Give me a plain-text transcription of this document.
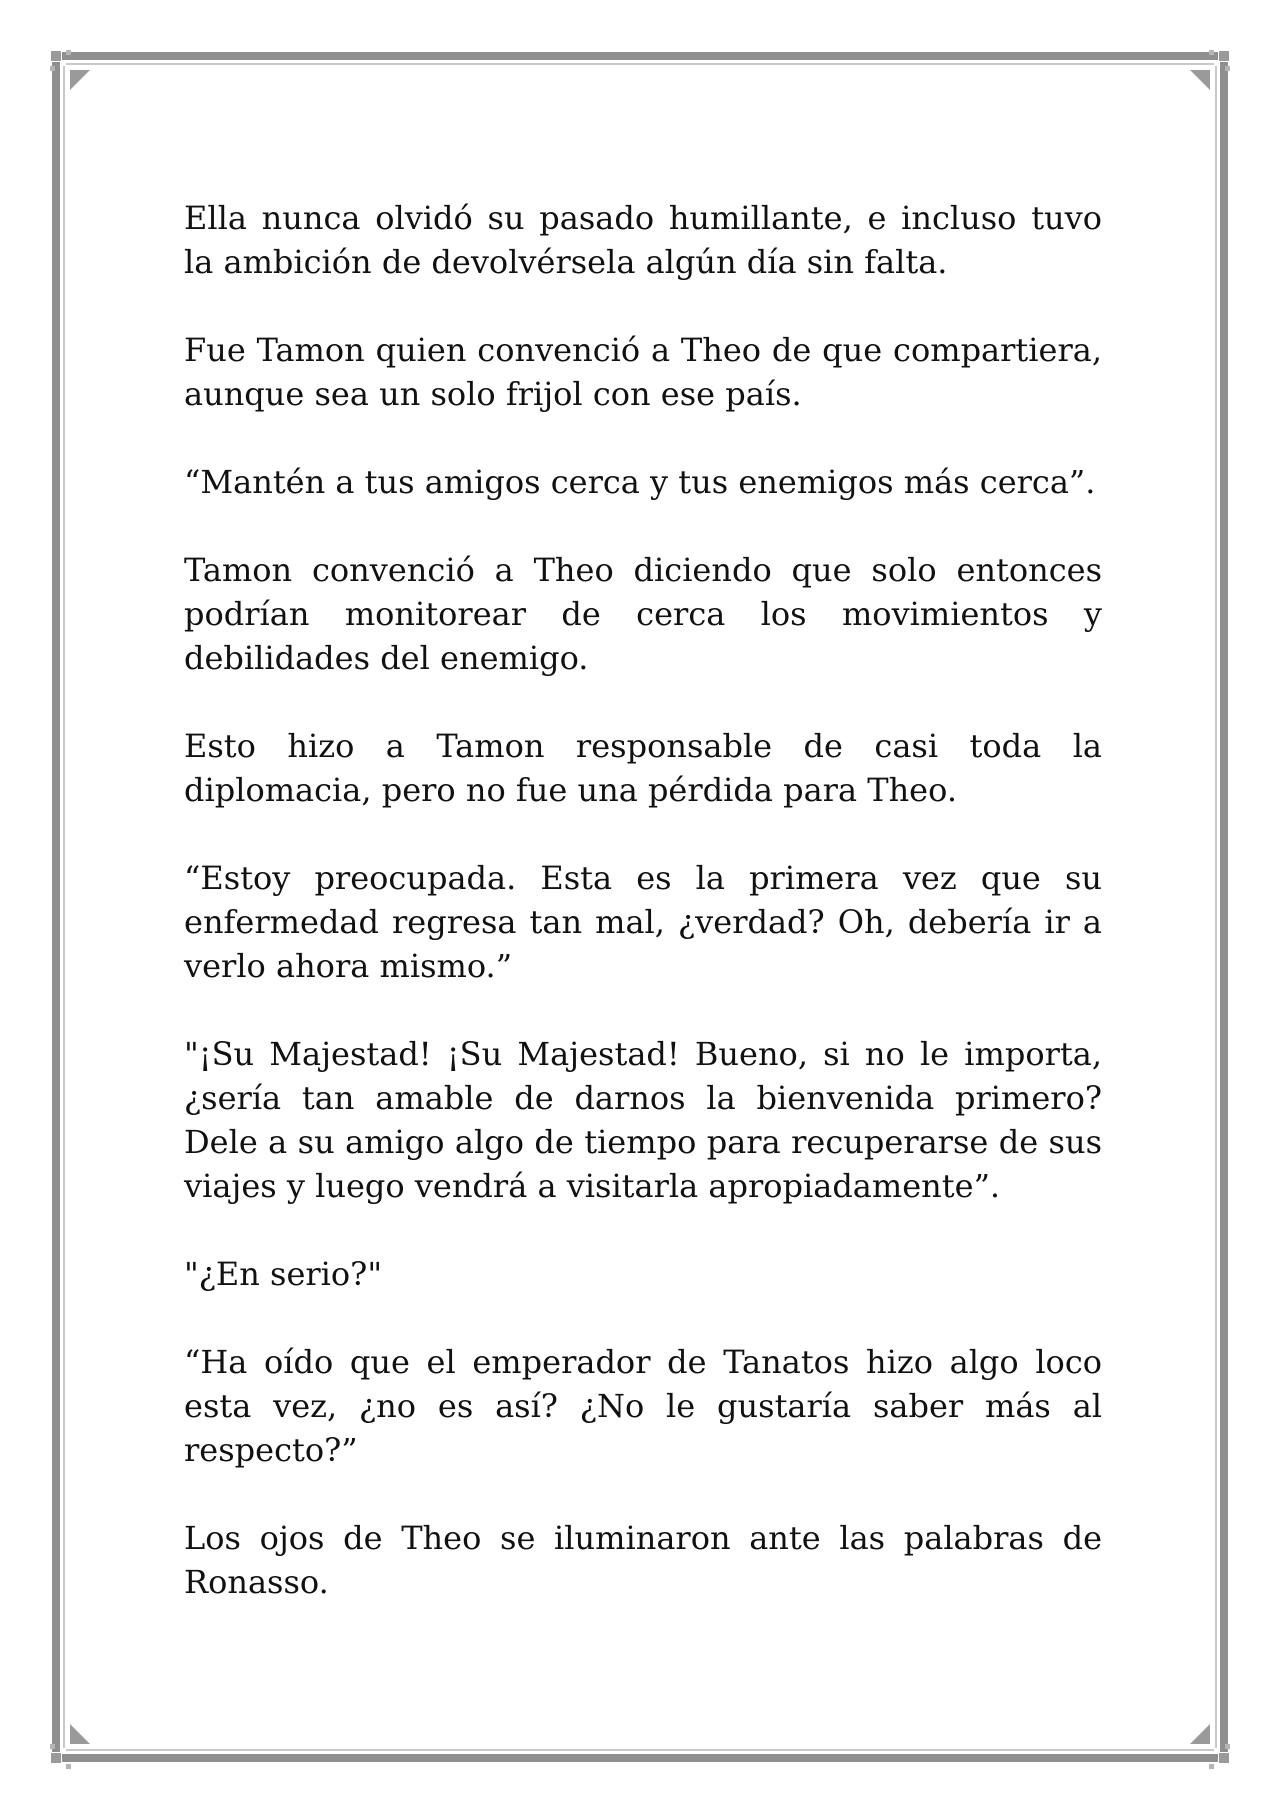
Ella nunca olvidó su pasado humillante, e incluso tuvo la ambición de devolvérsela algún día sin falta.

Fue Tamon quien convenció a Theo de que compartiera, aunque sea un solo frijol con ese país.

“Mantén a tus amigos cerca y tus enemigos más cerca”.

Tamon convenció a Theo diciendo que solo entonces podrían monitorear de cerca los movimientos y debilidades del enemigo.

Esto hizo a Tamon responsable de casi toda la diplomacia, pero no fue una pérdida para Theo.

“Estoy preocupada. Esta es la primera vez que su enfermedad regresa tan mal, ¿verdad? Oh, debería ir a verlo ahora mismo.”

"¡Su Majestad! ¡Su Majestad! Bueno, si no le importa, ¿sería tan amable de darnos la bienvenida primero? Dele a su amigo algo de tiempo para recuperarse de sus viajes y luego vendrá a visitarla apropiadamente”.

"¿En serio?"

“Ha oído que el emperador de Tanatos hizo algo loco esta vez, ¿no es así? ¿No le gustaría saber más al respecto?”

Los ojos de Theo se iluminaron ante las palabras de Ronasso.
